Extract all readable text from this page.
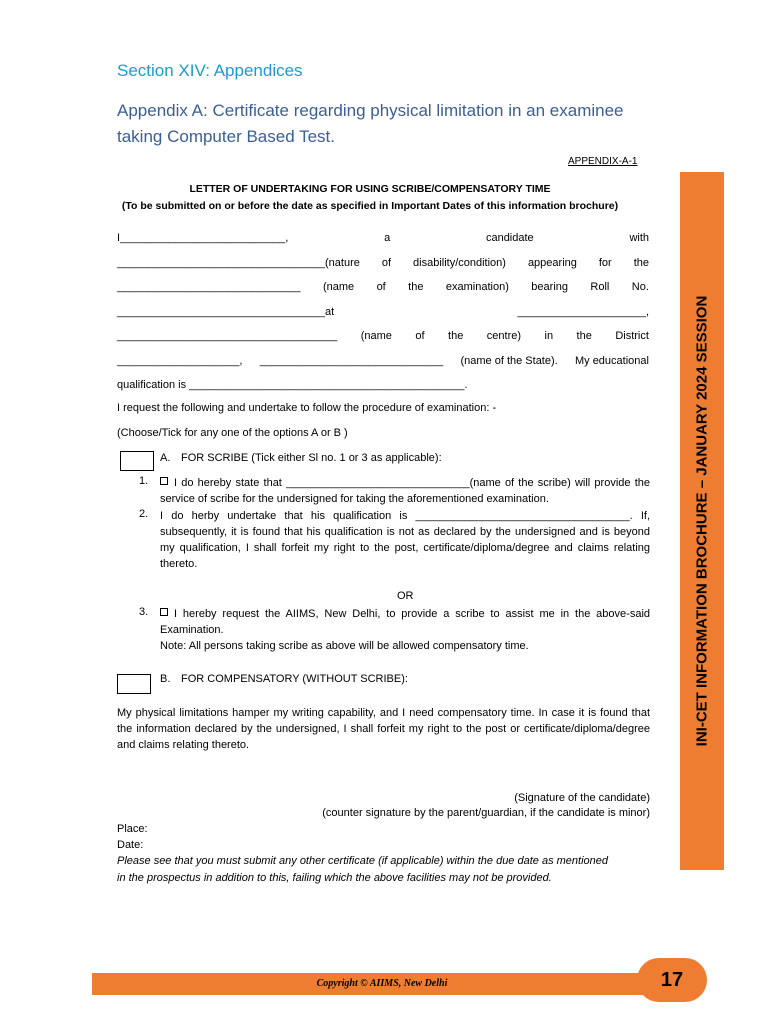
Section XIV: Appendices
Appendix A: Certificate regarding physical limitation in an examinee taking Computer Based Test.
APPENDIX-A-1
LETTER OF UNDERTAKING FOR USING SCRIBE/COMPENSATORY TIME
(To be submitted on or before the date as specified in Important Dates of this information brochure)
I___________________________,	a	candidate	with
__________________________________(nature of disability/condition) appearing for the
______________________________ (name of the examination) bearing Roll No.
__________________________________at	_____________________,
____________________________________ (name of the centre) in the District
____________________, ______________________________ (name of the State). My educational
qualification is _____________________________________________.
I request the following and undertake to follow the procedure of examination: -
(Choose/Tick for any one of the options A or B )
A. FOR SCRIBE (Tick either Sl no. 1 or 3 as applicable):
1.	I do hereby state that ______________________________(name of the scribe) will provide the service of scribe for the undersigned for taking the aforementioned examination.
2. I do herby undertake that his qualification is ___________________________________. If, subsequently, it is found that his qualification is not as declared by the undersigned and is beyond my qualification, I shall forfeit my right to the post, certificate/diploma/degree and claims relating thereto.
OR
3.	I hereby request the AIIMS, New Delhi, to provide a scribe to assist me in the above-said Examination.
Note: All persons taking scribe as above will be allowed compensatory time.
B. FOR COMPENSATORY (WITHOUT SCRIBE):
My physical limitations hamper my writing capability, and I need compensatory time. In case it is found that the information declared by the undersigned, I shall forfeit my right to the post or certificate/diploma/degree and claims relating thereto.
(Signature of the candidate)
(counter signature by the parent/guardian, if the candidate is minor)
Place:
Date:
Please see that you must submit any other certificate (if applicable) within the due date as mentioned in the prospectus in addition to this, failing which the above facilities may not be provided.
INI-CET INFORMATION BROCHURE – JANUARY 2024 SESSION
Copyright © AIIMS, New Delhi	17
